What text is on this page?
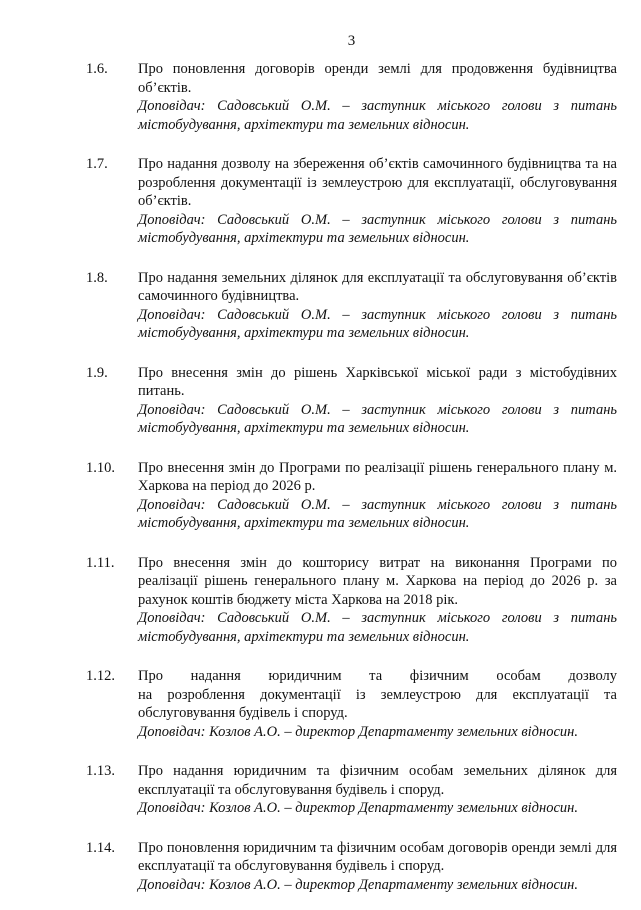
3
1.6. Про поновлення договорів оренди землі для продовження будівництва об’єктів.
Доповідач: Садовський О.М. – заступник міського голови з питань містобудування, архітектури та земельних відносин.
1.7. Про надання дозволу на збереження об’єктів самочинного будівництва та на розроблення документації із землеустрою для експлуатації, обслуговування об’єктів.
Доповідач: Садовський О.М. – заступник міського голови з питань містобудування, архітектури та земельних відносин.
1.8. Про надання земельних ділянок для експлуатації та обслуговування об’єктів самочинного будівництва.
Доповідач: Садовський О.М. – заступник міського голови з питань містобудування, архітектури та земельних відносин.
1.9. Про внесення змін до рішень Харківської міської ради з містобудівних питань.
Доповідач: Садовський О.М. – заступник міського голови з питань містобудування, архітектури та земельних відносин.
1.10. Про внесення змін до Програми по реалізації рішень генерального плану м. Харкова на період до 2026 р.
Доповідач: Садовський О.М. – заступник міського голови з питань містобудування, архітектури та земельних відносин.
1.11. Про внесення змін до кошторису витрат на виконання Програми по реалізації рішень генерального плану м. Харкова на період до 2026 р. за рахунок коштів бюджету міста Харкова на 2018 рік.
Доповідач: Садовський О.М. – заступник міського голови з питань містобудування, архітектури та земельних відносин.
1.12. Про надання юридичним та фізичним особам дозволу
на розроблення документації із землеустрою для експлуатації та обслуговування будівель і споруд.
Доповідач: Козлов А.О. – директор Департаменту земельних відносин.
1.13. Про надання юридичним та фізичним особам земельних ділянок для експлуатації та обслуговування будівель і споруд.
Доповідач: Козлов А.О. – директор Департаменту земельних відносин.
1.14. Про поновлення юридичним та фізичним особам договорів оренди землі для експлуатації та обслуговування будівель і споруд.
Доповідач: Козлов А.О. – директор Департаменту земельних відносин.
